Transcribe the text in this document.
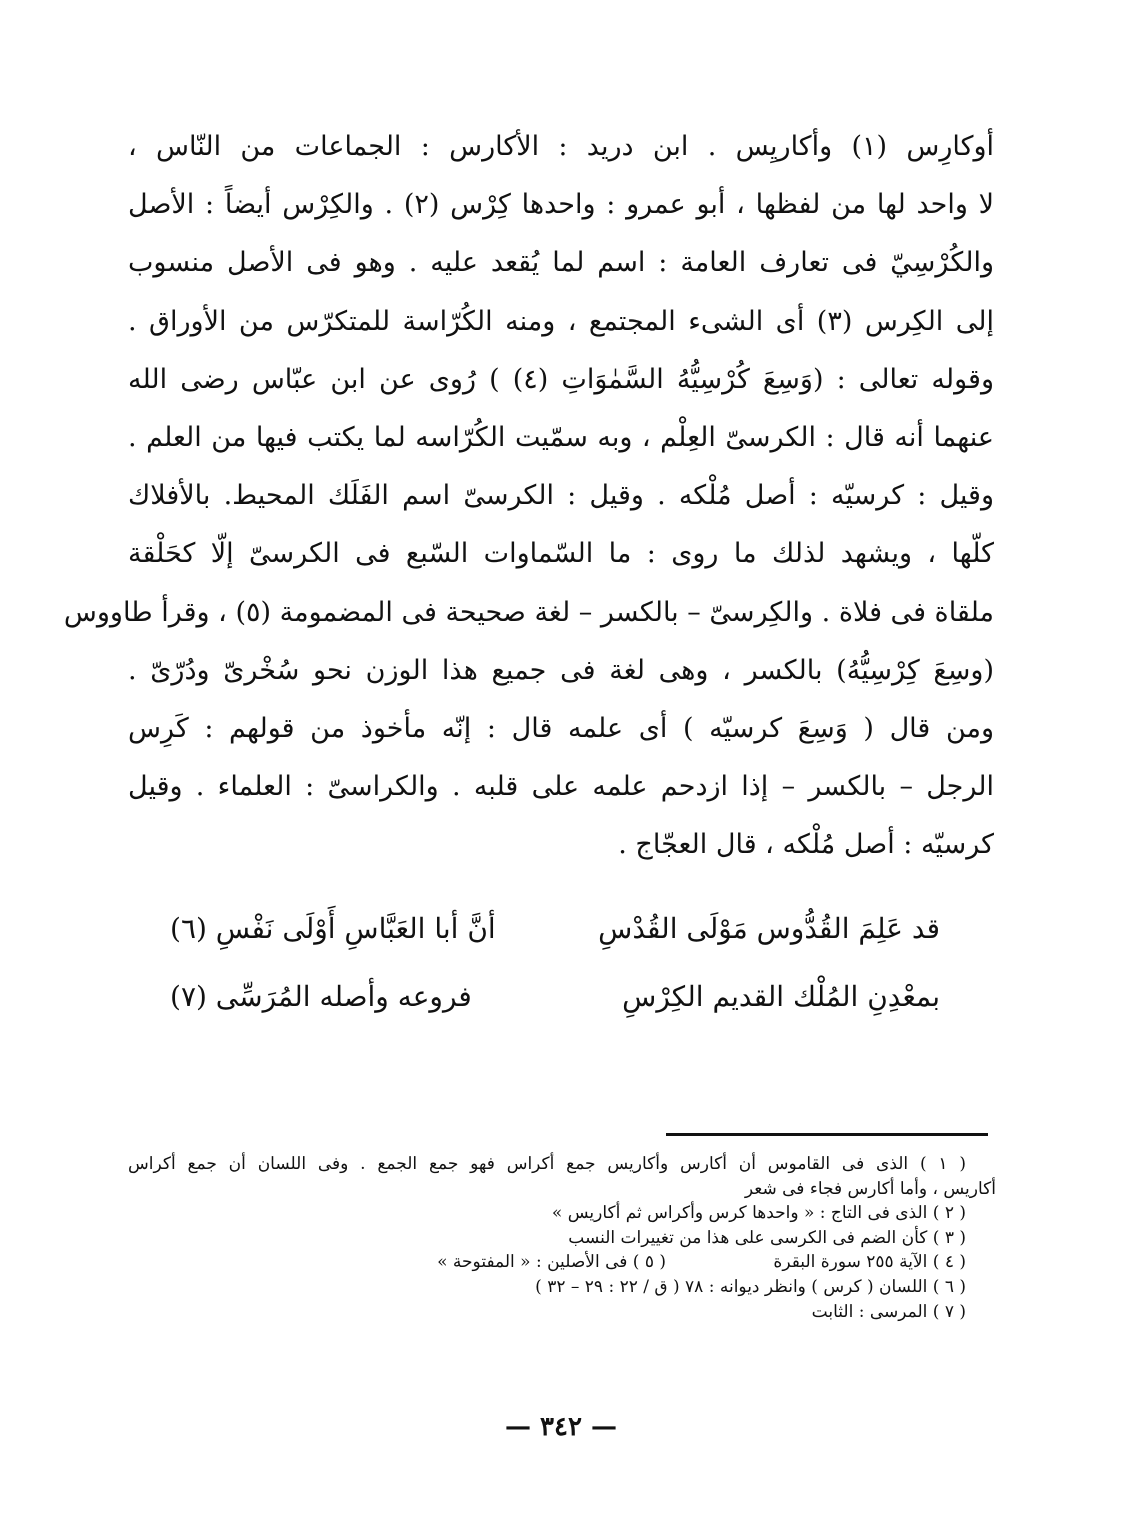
أوكارِس (١) وأكاريِس . ابن دريد : الأكارس : الجماعات من النّاس ،
لا واحد لها من لفظها ، أبو عمرو : واحدها كِرْس (٢) . والكِرْس أيضاً : الأصل
والكُرْسِيّ فى تعارف العامة : اسم لما يُقعد عليه . وهو فى الأصل منسوب
إلى الكِرس (٣) أى الشىء المجتمع ، ومنه الكُرّاسة للمتكرّس من الأوراق .
وقوله تعالى : (وَسِعَ كُرْسِيُّهُ السَّمٰوَاتِ (٤) ) رُوى عن ابن عبّاس رضى الله
عنهما أنه قال : الكرسىّ العِلْم ، وبه سمّيت الكُرّاسه لما يكتب فيها من العلم .
وقيل : كرسيّه : أصل مُلْكه . وقيل : الكرسىّ اسم الفَلَك المحيط. بالأفلاك
كلّها ، ويشهد لذلك ما روى : ما السّماوات السّبع فى الكرسىّ إلّا كحَلْقة
ملقاة فى فلاة . والكِرسىّ – بالكسر – لغة صحيحة فى المضمومة (٥) ، وقرأ طاووس
(وسِعَ كِرْسِيُّهُ) بالكسر ، وهى لغة فى جميع هذا الوزن نحو سُخْرىّ ودُرّىّ .
ومن قال ( وَسِعَ كرسيّه ) أى علمه قال : إنّه مأخوذ من قولهم : كَرِس
الرجل – بالكسر – إذا ازدحم علمه على قلبه . والكراسىّ : العلماء . وقيل
كرسيّه : أصل مُلْكه ، قال العجّاج .
قد عَلِمَ القُدُّوس مَوْلَى القُدْسِ
أنَّ أبا العَبَّاسِ أَوْلَى نَفْسِ (٦)
بمعْدِنِ المُلْك القديم الكِرْسِ
فروعه وأصله المُرَسِّى (٧)
( ١ ) الذى فى القاموس أن أكارس وأكاريس جمع أكراس فهو جمع الجمع . وفى اللسان أن جمع أكراس
أكاريس ، وأما أكارس فجاء فى شعر
( ٢ ) الذى فى التاج : « واحدها كرس وأكراس ثم أكاريس »
( ٣ ) كأن الضم فى الكرسى على هذا من تغييرات النسب
( ٤ ) الآية ٢٥٥ سورة البقرة( ٥ ) فى الأصلين : « المفتوحة »
( ٦ ) اللسان ( كرس ) وانظر ديوانه : ٧٨ ( ق / ٢٢ : ٢٩ – ٣٢ )
( ٧ ) المرسى : الثابت
— ٣٤٢ —
